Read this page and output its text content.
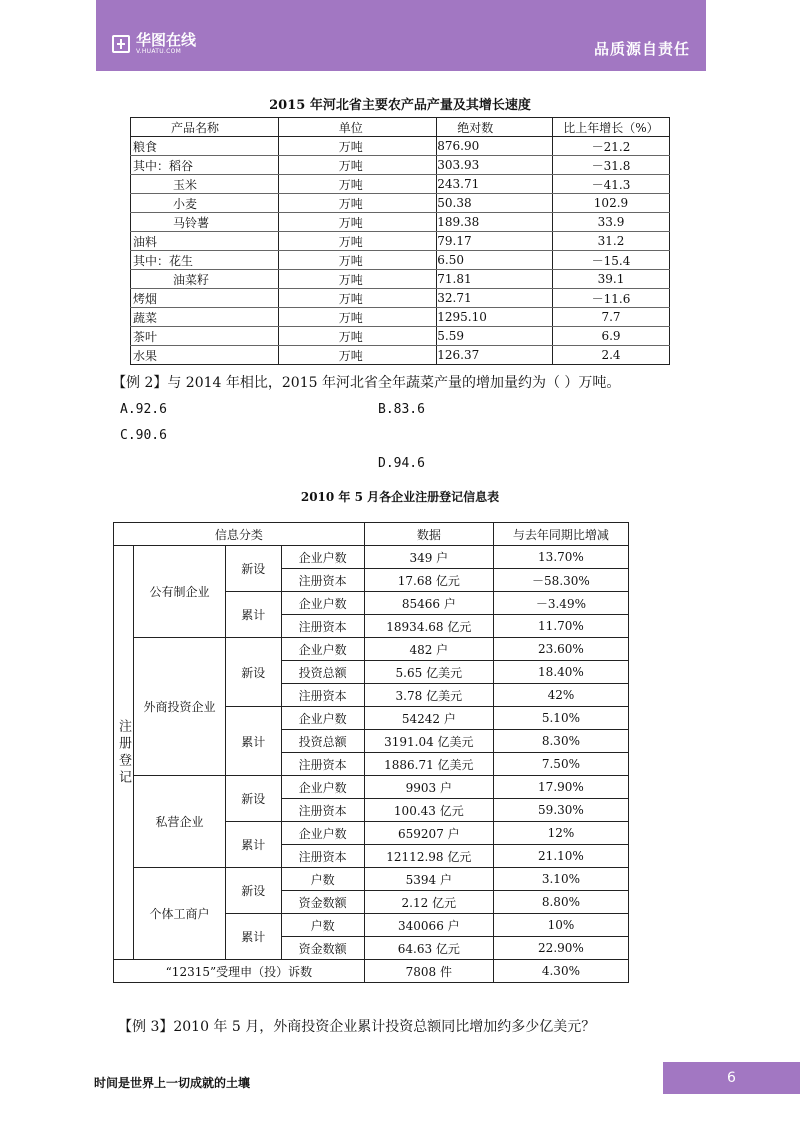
华图在线
V.HUATU.COM	品质源自责任
2015 年河北省主要农产品产量及其增长速度
产品名称	单位	绝对数	比上年增长（%）
粮食	万吨	876.90	－21.2
其中：稻谷	万吨	303.93	－31.8
玉米	万吨	243.71	－41.3
小麦	万吨	50.38	102.9
马铃薯	万吨	189.38	33.9
油料	万吨	79.17	31.2
其中：花生	万吨	6.50	－15.4
油菜籽	万吨	71.81	39.1
烤烟	万吨	32.71	－11.6
蔬菜	万吨	1295.10	7.7
茶叶	万吨	5.59	6.9
水果	万吨	126.37	2.4
【例 2】与 2014 年相比，2015 年河北省全年蔬菜产量的增加量约为（ ）万吨。
A.92.6	B.83.6
C.90.6
D.94.6
2010 年 5 月各企业注册登记信息表
信息分类				数据	与去年同期比增减
注册登记	公有制企业	新设	企业户数	349 户	13.70%
			注册资本	17.68 亿元	－58.30%
		累计	企业户数	85466 户	－3.49%
			注册资本	18934.68 亿元	11.70%
	外商投资企业	新设	企业户数	482 户	23.60%
			投资总额	5.65 亿美元	18.40%
			注册资本	3.78 亿美元	42%
		累计	企业户数	54242 户	5.10%
			投资总额	3191.04 亿美元	8.30%
			注册资本	1886.71 亿美元	7.50%
	私营企业	新设	企业户数	9903 户	17.90%
			注册资本	100.43 亿元	59.30%
		累计	企业户数	659207 户	12%
			注册资本	12112.98 亿元	21.10%
	个体工商户	新设	户数	5394 户	3.10%
			资金数额	2.12 亿元	8.80%
		累计	户数	340066 户	10%
			资金数额	64.63 亿元	22.90%
“12315”受理申（投）诉数				7808 件	4.30%
【例 3】2010 年 5 月，外商投资企业累计投资总额同比增加约多少亿美元？
时间是世界上一切成就的土壤	6
